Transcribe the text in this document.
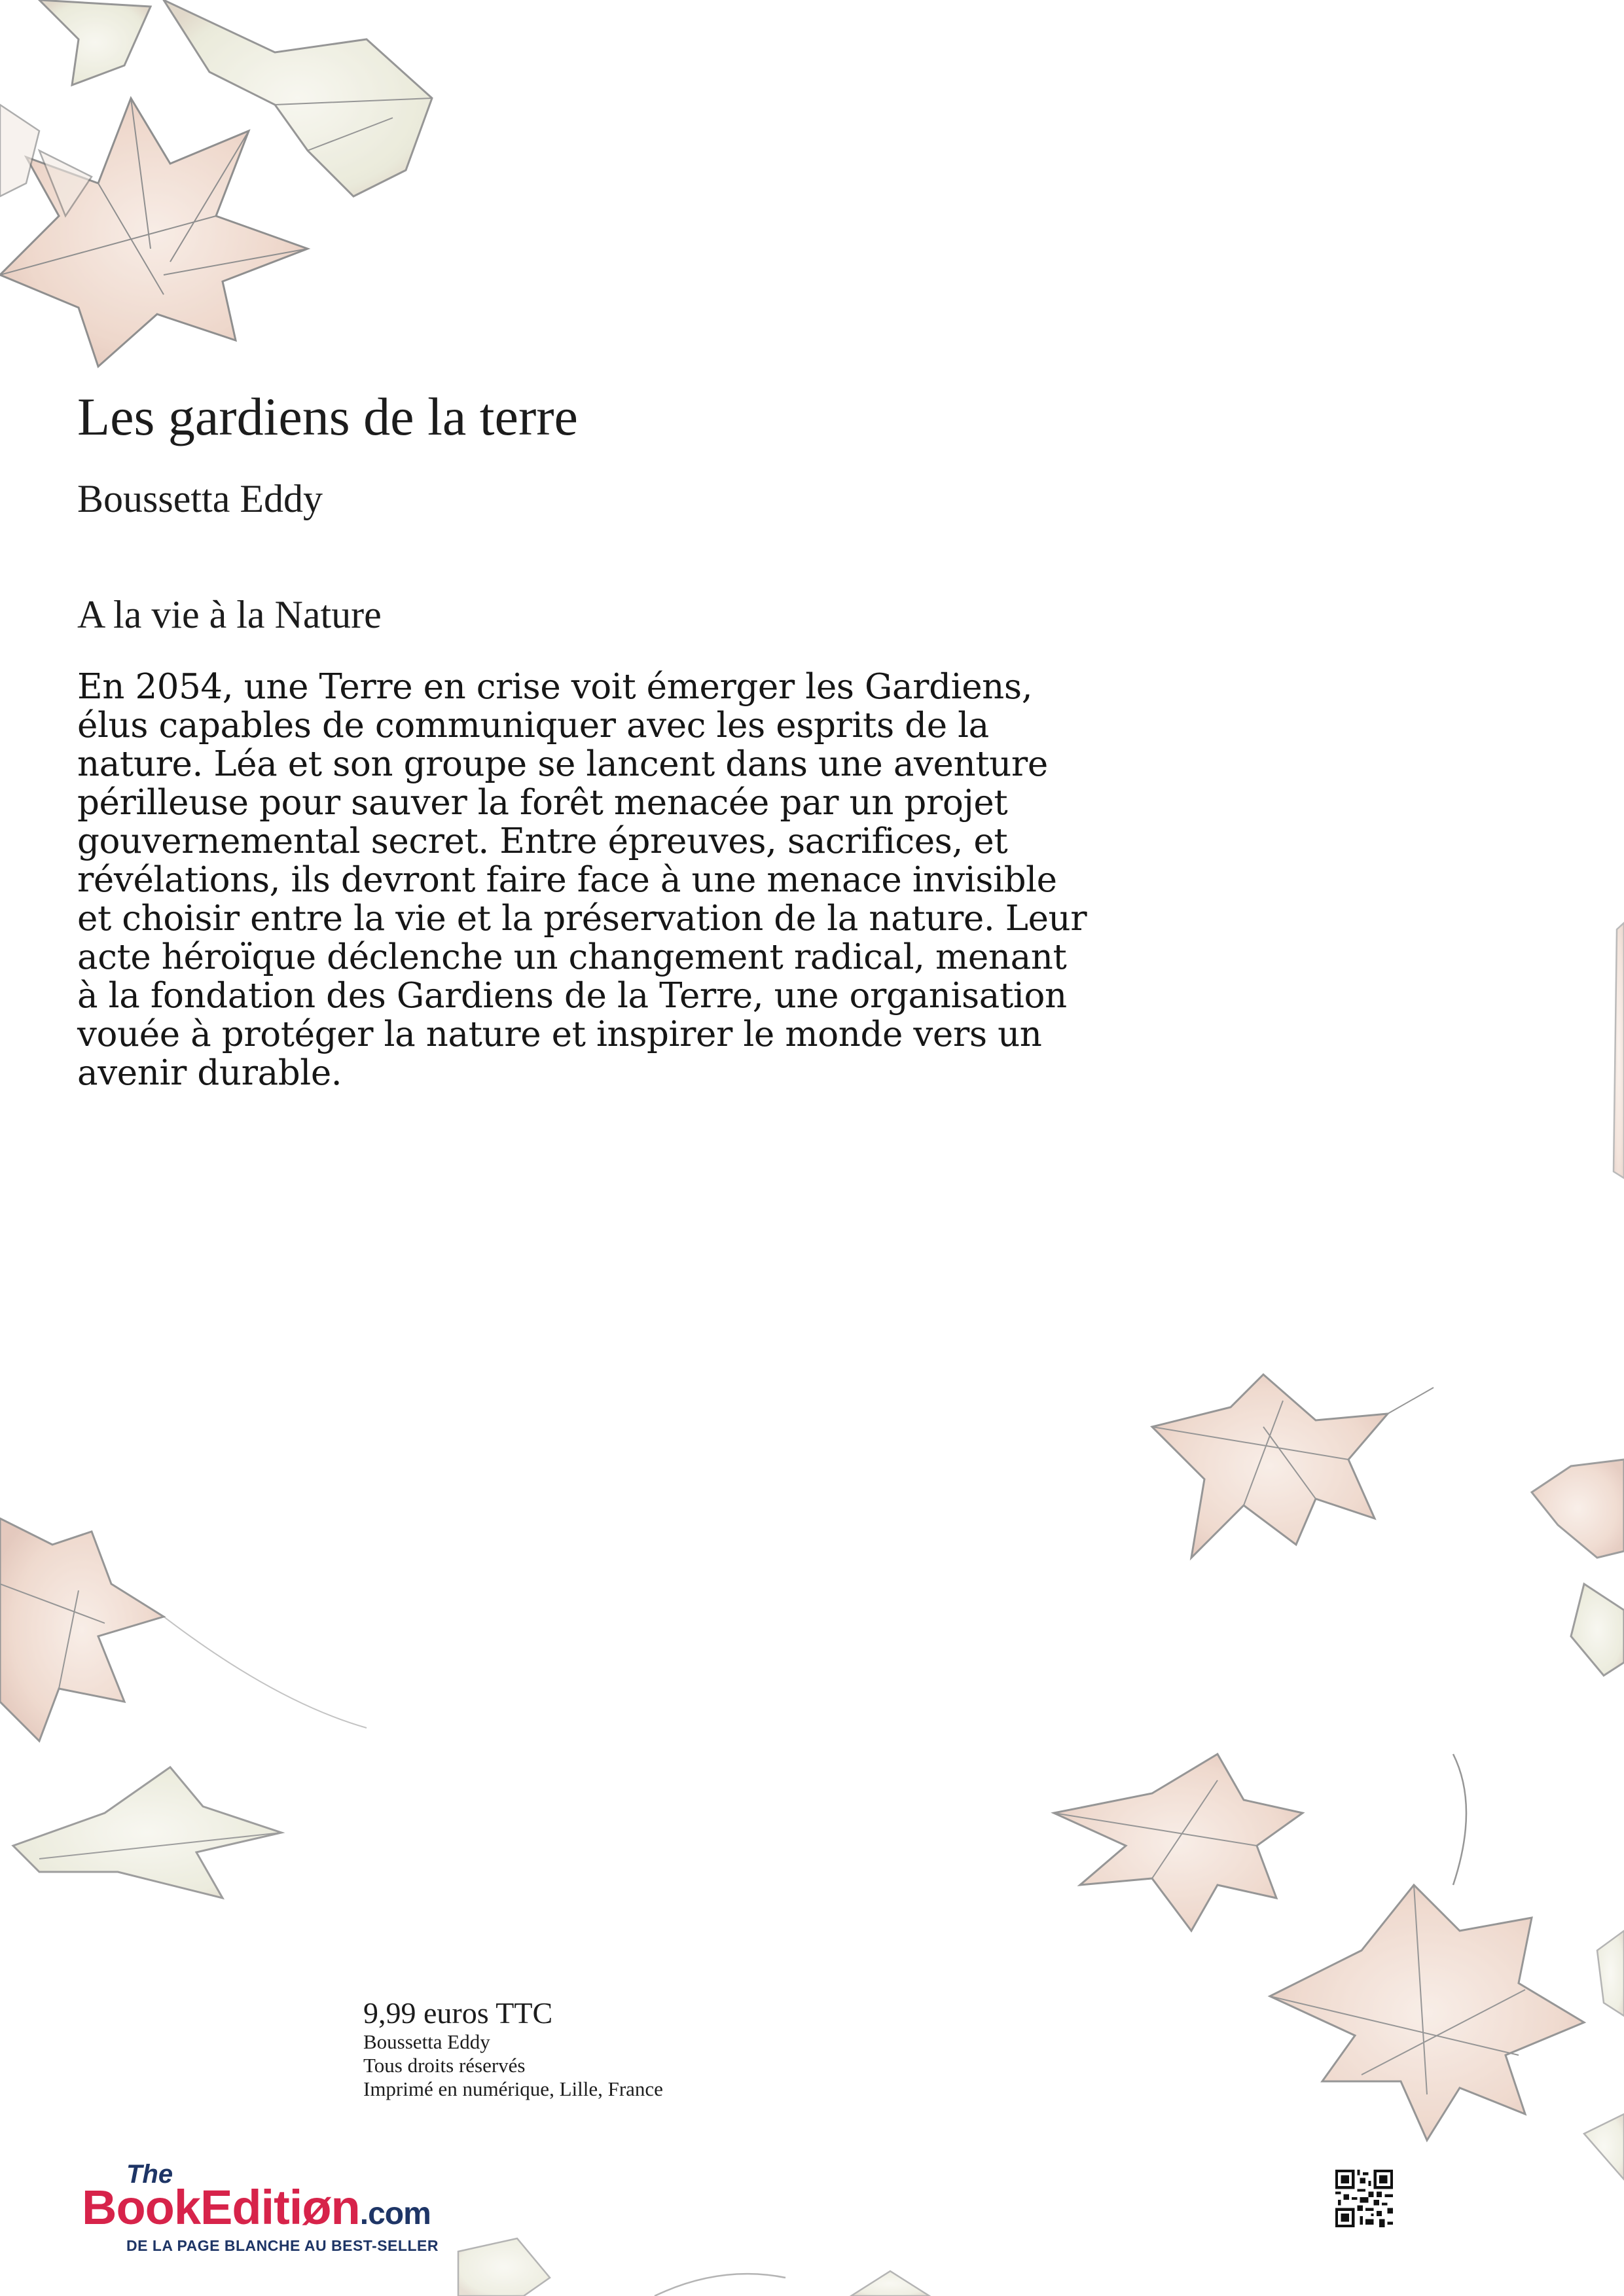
Les gardiens de la terre

Boussetta Eddy

A la vie à la Nature

En 2054, une Terre en crise voit émerger les Gardiens,
élus capables de communiquer avec les esprits de la
nature. Léa et son groupe se lancent dans une aventure
périlleuse pour sauver la forêt menacée par un projet
gouvernemental secret. Entre épreuves, sacrifices, et
révélations, ils devront faire face à une menace invisible
et choisir entre la vie et la préservation de la nature. Leur
acte héroïque déclenche un changement radical, menant
à la fondation des Gardiens de la Terre, une organisation
vouée à protéger la nature et inspirer le monde vers un
avenir durable.
9,99 euros TTC
Boussetta Eddy
Tous droits réservés
Imprimé en numérique, Lille, France
The
BookEditiøn.com
DE LA PAGE BLANCHE AU BEST-SELLER
